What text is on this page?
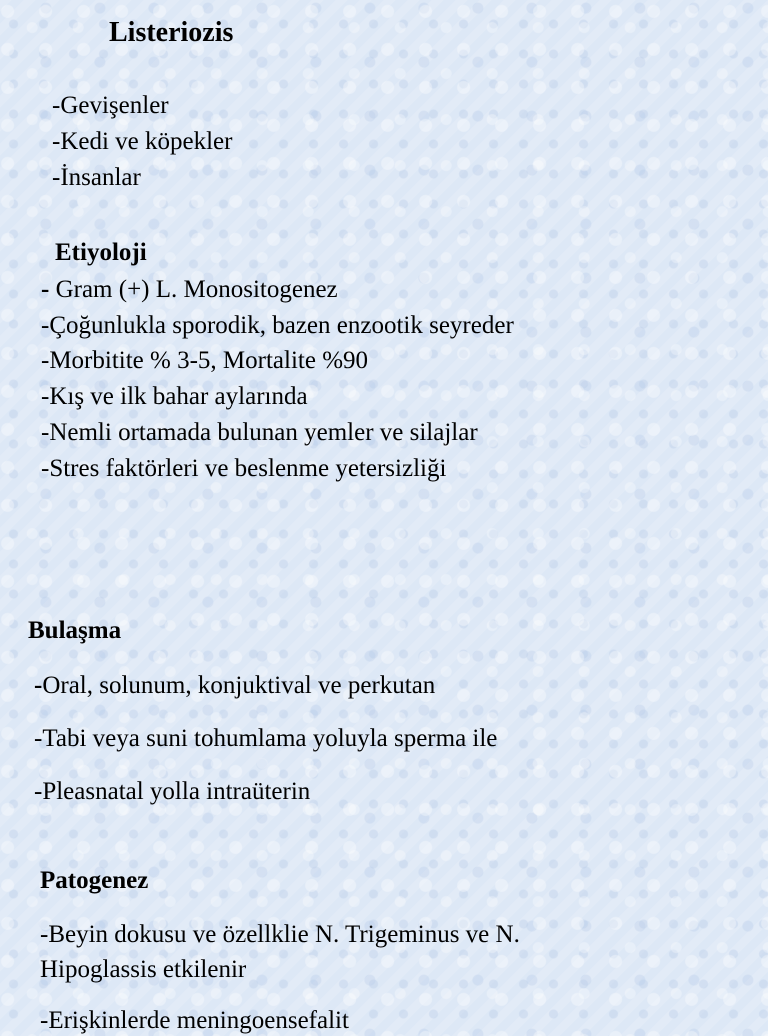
Listeriozis
-Gevişenler
-Kedi ve köpekler
-İnsanlar
Etiyoloji
- Gram (+) L. Monositogenez
-Çoğunlukla sporodik, bazen enzootik seyreder
-Morbitite % 3-5, Mortalite %90
-Kış ve ilk bahar aylarında
-Nemli ortamada bulunan yemler ve silajlar
-Stres faktörleri ve beslenme yetersizliği
Bulaşma
-Oral, solunum, konjuktival ve perkutan
-Tabi veya suni tohumlama yoluyla sperma ile
-Pleasnatal yolla intraüterin
Patogenez
-Beyin dokusu ve özellklie N. Trigeminus ve N.
Hipoglassis etkilenir
-Erişkinlerde meningoensefalit
